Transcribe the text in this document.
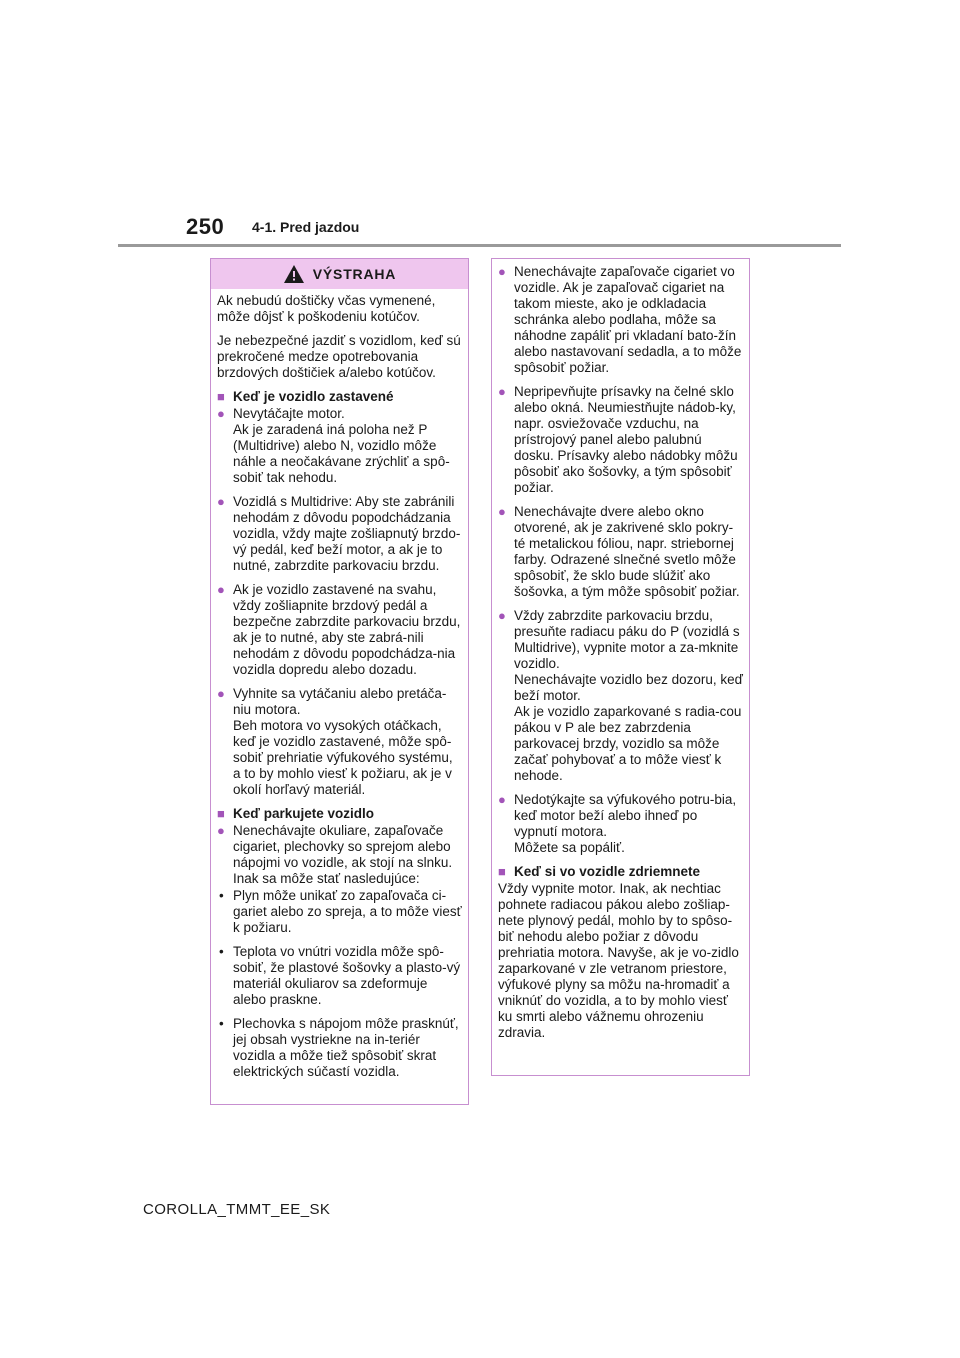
250 4-1. Pred jazdou
VÝSTRAHA

Ak nebudú doštičky včas vymenené, môže dôjsť k poškodeniu kotúčov.

Je nebezpečné jazdiť s vozidlom, keď sú prekročené medze opotrebovania brzdových doštičiek a/alebo kotúčov.

■ Keď je vozidlo zastavené
● Nevytáčajte motor.
Ak je zaradená iná poloha než P (Multidrive) alebo N, vozidlo môže náhle a neočakávane zrýchliť a spô-sobiť tak nehodu.
● Vozidlá s Multidrive: Aby ste zabránili nehodám z dôvodu popodchádzania vozidla, vždy majte zošliapnutý brzdo-vý pedál, keď beží motor, a ak je to nutné, zabrzdite parkovaciu brzdu.
● Ak je vozidlo zastavené na svahu, vždy zošliapnite brzdový pedál a bezpečne zabrzdite parkovaciu brzdu, ak je to nutné, aby ste zabrá-nili nehodám z dôvodu popodchádza-nia vozidla dopredu alebo dozadu.
● Vyhnite sa vytáčaniu alebo pretáča-niu motora.
Beh motora vo vysokých otáčkach, keď je vozidlo zastavené, môže spô-sobiť prehriatie výfukového systému, a to by mohlo viesť k požiaru, ak je v okolí horľavý materiál.
■ Keď parkujete vozidlo
● Nenechávajte okuliare, zapaľovače cigariet, plechovky so sprejom alebo nápojmi vo vozidle, ak stojí na slnku. Inak sa môže stať nasledujúce:
• Plyn môže unikať zo zapaľovača ci-gariet alebo zo spreja, a to môže viesť k požiaru.
• Teplota vo vnútri vozidla môže spô-sobiť, že plastové šošovky a plasto-vý materiál okuliarov sa zdeformuje alebo praskne.
• Plechovka s nápojom môže prasknúť, jej obsah vystriekne na in-teriér vozidla a môže tiež spôsobiť skrat elektrických súčastí vozidla.
● Nenechávajte zapaľovače cigariet vo vozidle. Ak je zapaľovač cigariet na takom mieste, ako je odkladacia schránka alebo podlaha, môže sa náhodne zapáliť pri vkladaní bato-žín alebo nastavovaní sedadla, a to môže spôsobiť požiar.
● Nepripevňujte prísavky na čelné sklo alebo okná. Neumiestňujte nádob-ky, napr. osviežovače vzduchu, na prístrojový panel alebo palubnú dosku. Prísavky alebo nádobky môžu pôsobiť ako šošovky, a tým spôsobiť požiar.
● Nenechávajte dvere alebo okno otvorené, ak je zakrivené sklo pokry-té metalickou fóliou, napr. striebornej farby. Odrazené slnečné svetlo môže spôsobiť, že sklo bude slúžiť ako šošovka, a tým môže spôsobiť požiar.
● Vždy zabrzdite parkovaciu brzdu, presuňte radiacu páku do P (vozidlá s Multidrive), vypnite motor a za-mknite vozidlo.
Nenechávajte vozidlo bez dozoru, keď beží motor.
Ak je vozidlo zaparkované s radia-cou pákou v P ale bez zabrzdenia parkovacej brzdy, vozidlo sa môže začať pohybovať a to môže viesť k nehode.
● Nedotýkajte sa výfukového potru-bia, keď motor beží alebo ihneď po vypnutí motora.
Môžete sa popáliť.
■ Keď si vo vozidle zdriemnete
Vždy vypnite motor. Inak, ak nechtiac pohnete radiacou pákou alebo zošliap-nete plynový pedál, mohlo by to spôso-biť nehodu alebo požiar z dôvodu prehriatia motora. Navyše, ak je vo-zidlo zaparkované v zle vetranom priestore, výfukové plyny sa môžu na-hromadiť a vniknúť do vozidla, a to by mohlo viesť ku smrti alebo vážnemu ohrozeniu zdravia.
COROLLA_TMMT_EE_SK
